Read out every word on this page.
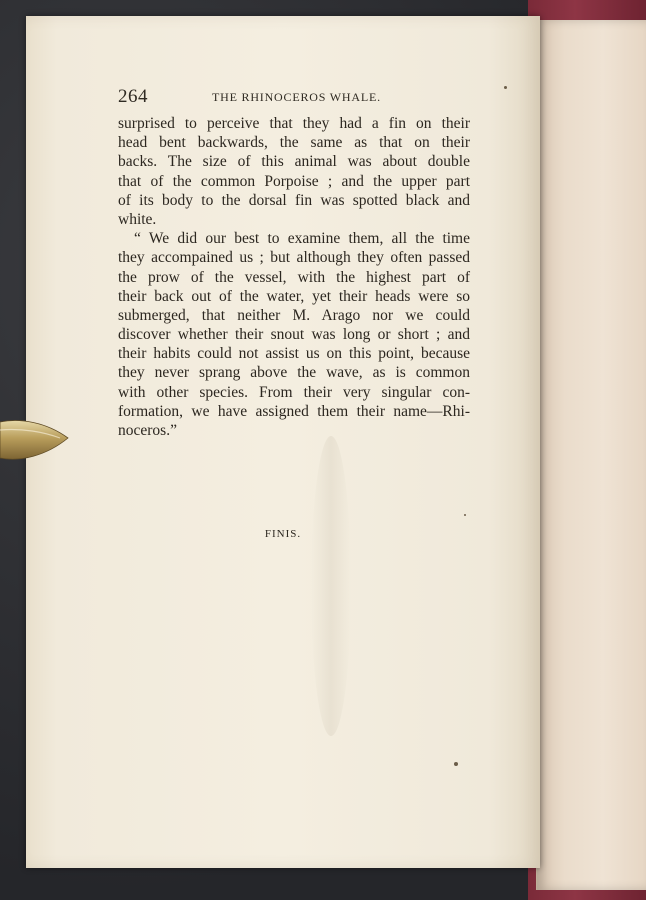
FINIS.
264	THE RHINOCEROS WHALE.
surprised to perceive that they had a fin on their
head bent backwards, the same as that on their
backs. The size of this animal was about double
that of the common Porpoise ; and the upper part
of its body to the dorsal fin was spotted black and
white.
“ We did our best to examine them, all the time
they accompained us ; but although they often passed
the prow of the vessel, with the highest part of
their back out of the water, yet their heads were so
submerged, that neither M. Arago nor we could
discover whether their snout was long or short ; and
their habits could not assist us on this point, because
they never sprang above the wave, as is common
with other species. From their very singular con-
formation, we have assigned them their name—Rhi-
noceros.”
